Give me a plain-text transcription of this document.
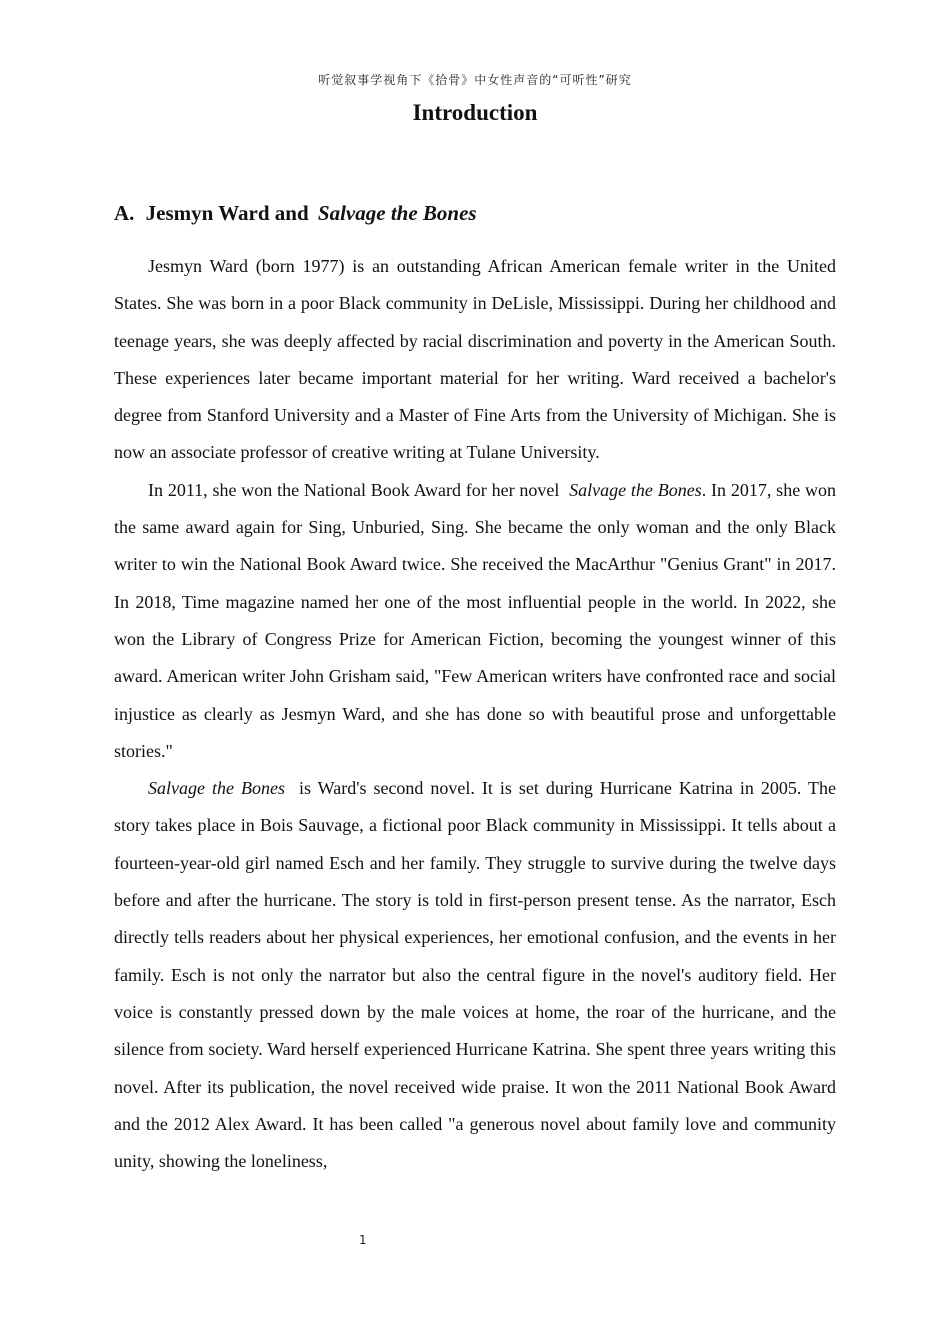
听觉叙事学视角下《拾骨》中女性声音的“可听性”研究
Introduction
A. Jesmyn Ward and Salvage the Bones

Jesmyn Ward (born 1977) is an outstanding African American female writer in the United States. She was born in a poor Black community in DeLisle, Mississippi. During her childhood and teenage years, she was deeply affected by racial discrimination and poverty in the American South. These experiences later became important material for her writing. Ward received a bachelor's degree from Stanford University and a Master of Fine Arts from the University of Michigan. She is now an associate professor of creative writing at Tulane University.

In 2011, she won the National Book Award for her novel Salvage the Bones. In 2017, she won the same award again for Sing, Unburied, Sing. She became the only woman and the only Black writer to win the National Book Award twice. She received the MacArthur "Genius Grant" in 2017. In 2018, Time magazine named her one of the most influential people in the world. In 2022, she won the Library of Congress Prize for American Fiction, becoming the youngest winner of this award. American writer John Grisham said, "Few American writers have confronted race and social injustice as clearly as Jesmyn Ward, and she has done so with beautiful prose and unforgettable stories."

Salvage the Bones is Ward's second novel. It is set during Hurricane Katrina in 2005. The story takes place in Bois Sauvage, a fictional poor Black community in Mississippi. It tells about a fourteen-year-old girl named Esch and her family. They struggle to survive during the twelve days before and after the hurricane. The story is told in first-person present tense. As the narrator, Esch directly tells readers about her physical experiences, her emotional confusion, and the events in her family. Esch is not only the narrator but also the central figure in the novel's auditory field. Her voice is constantly pressed down by the male voices at home, the roar of the hurricane, and the silence from society. Ward herself experienced Hurricane Katrina. She spent three years writing this novel. After its publication, the novel received wide praise. It won the 2011 National Book Award and the 2012 Alex Award. It has been called "a generous novel about family love and community unity, showing the loneliness,

1
